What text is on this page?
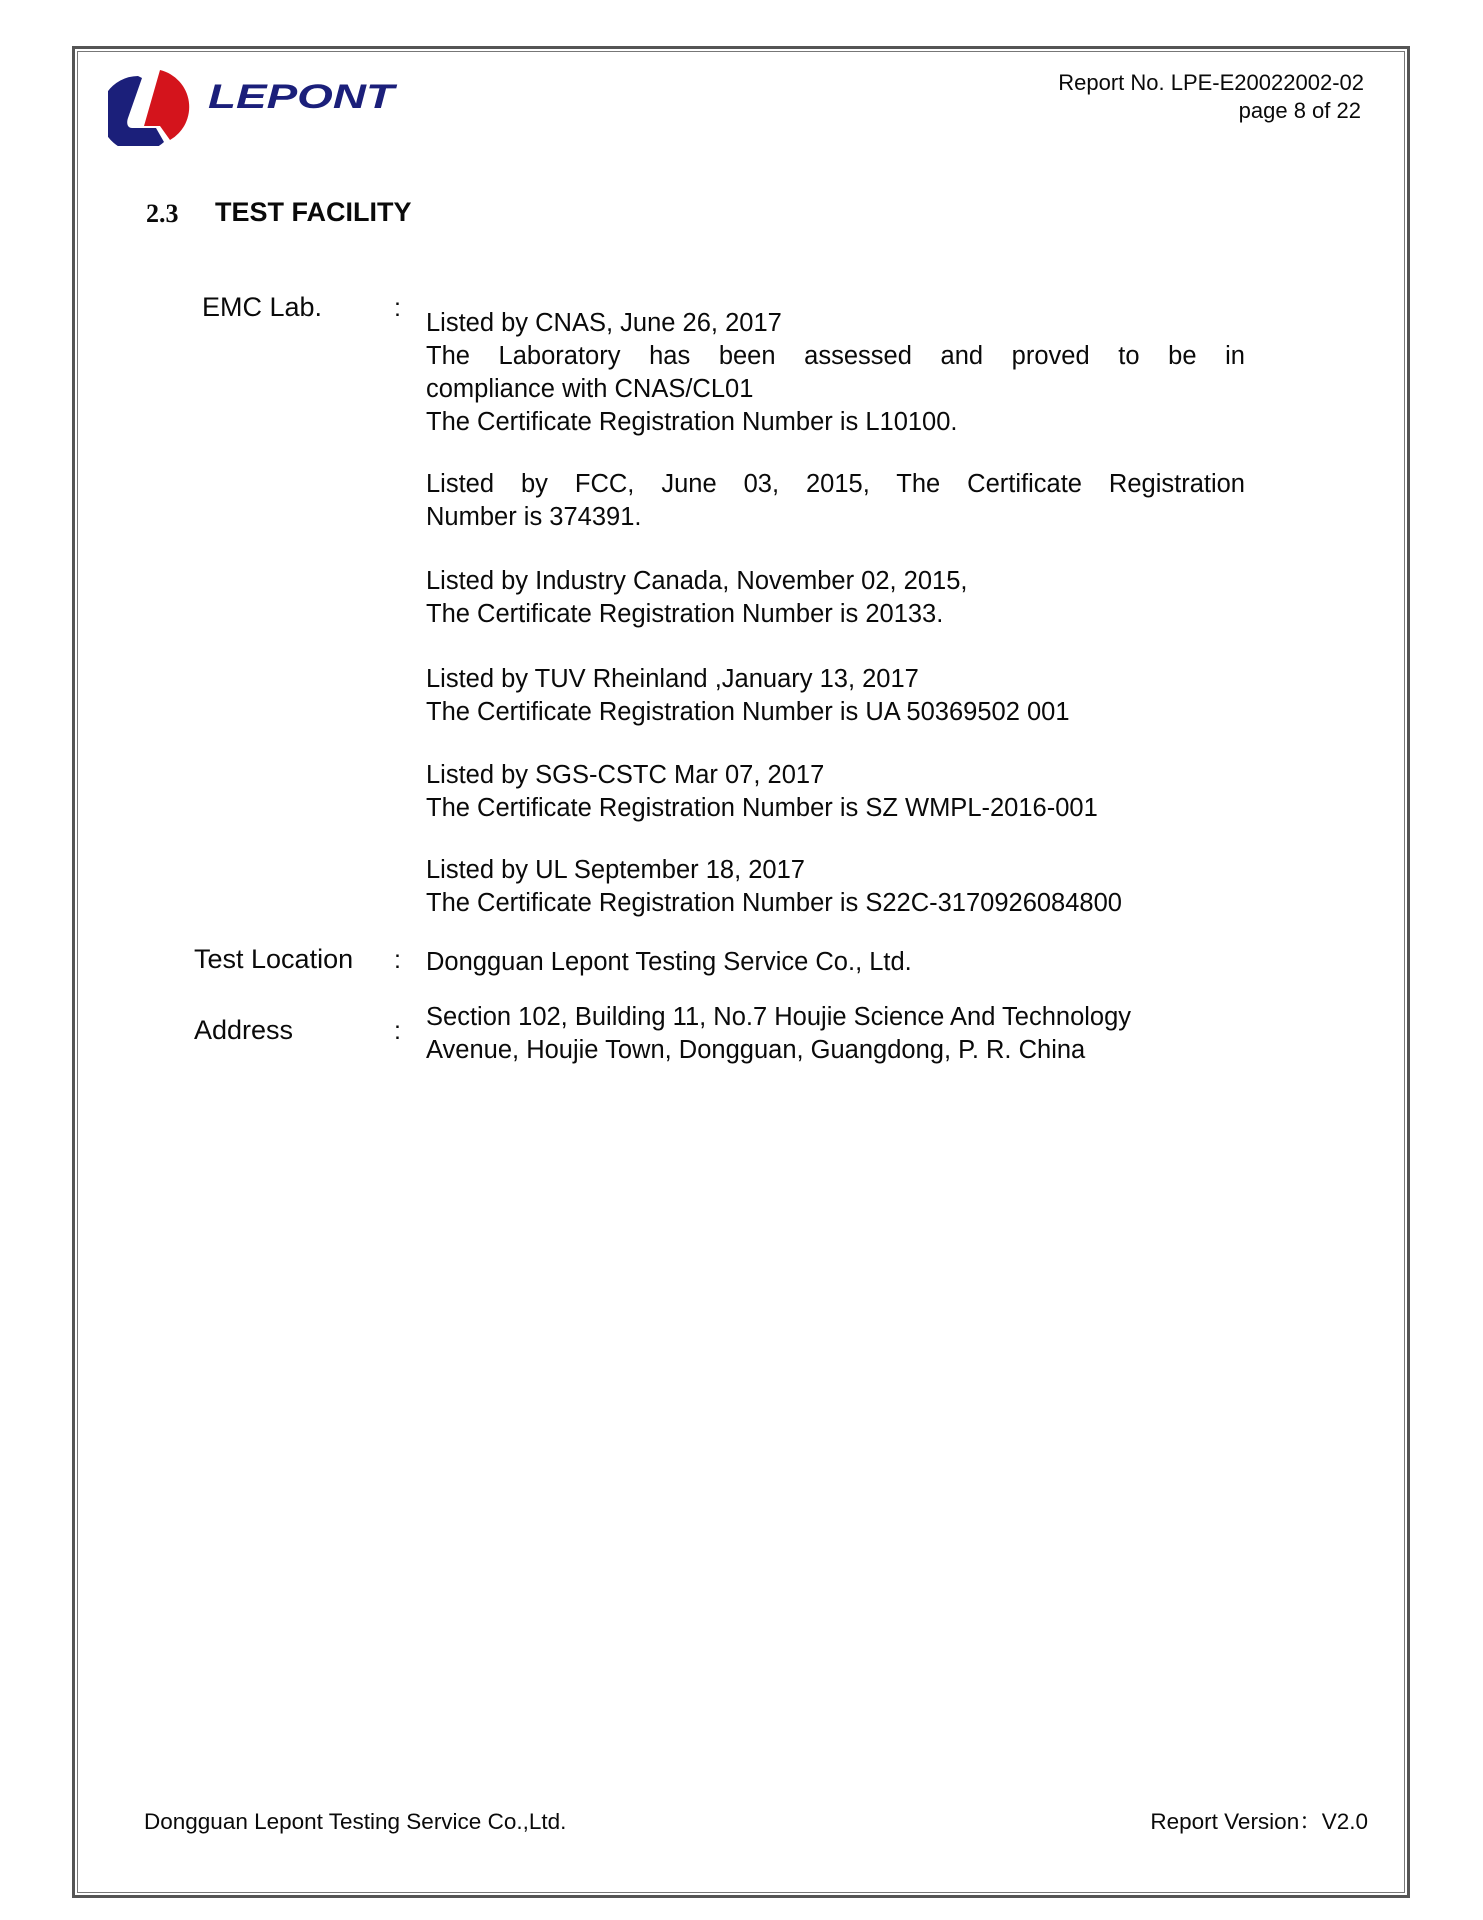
LEPONT	Report No. LPE-E20022002-02
page 8 of 22
2.3 TEST FACILITY
EMC Lab.	:
Listed by CNAS, June 26, 2017
The Laboratory has been assessed and proved to be in
compliance with CNAS/CL01
The Certificate Registration Number is L10100.
Listed by FCC, June 03, 2015, The Certificate Registration
Number is 374391.
Listed by Industry Canada, November 02, 2015,
The Certificate Registration Number is 20133.
Listed by TUV Rheinland ,January 13, 2017
The Certificate Registration Number is UA 50369502 001
Listed by SGS-CSTC Mar 07, 2017
The Certificate Registration Number is SZ WMPL-2016-001
Listed by UL September 18, 2017
The Certificate Registration Number is S22C-3170926084800
Test Location : Dongguan Lepont Testing Service Co., Ltd.
Address	: Section 102, Building 11, No.7 Houjie Science And Technology
Avenue, Houjie Town, Dongguan, Guangdong, P. R. China
Dongguan Lepont Testing Service Co.,Ltd.	Report Version：V2.0
